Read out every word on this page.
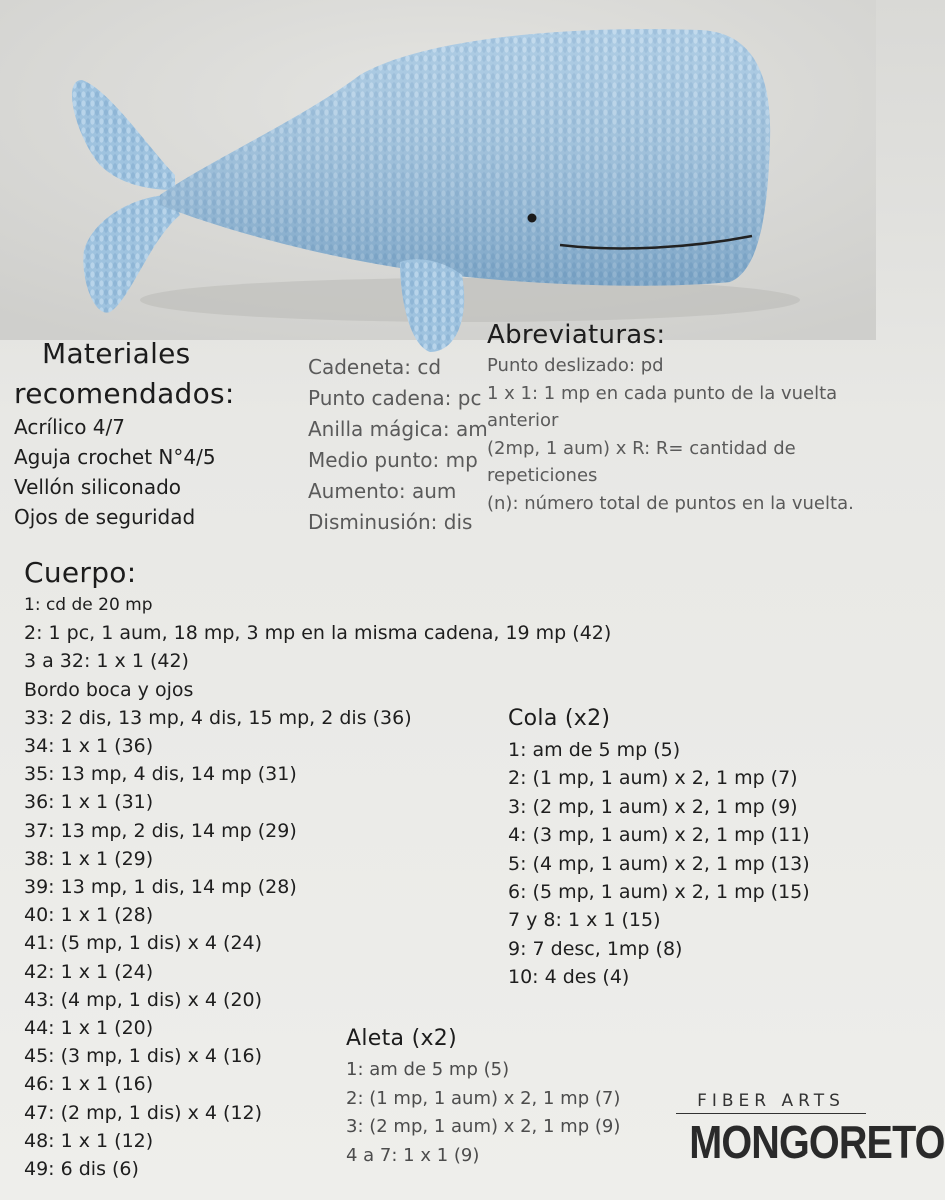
Materiales
recomendados:
Acrílico 4/7
Aguja crochet N°4/5
Vellón siliconado
Ojos de seguridad
Cadeneta: cd
Punto cadena: pc
Anilla mágica: am
Medio punto: mp
Aumento: aum
Disminusión: dis
Abreviaturas:
Punto deslizado: pd
1 x 1: 1 mp en cada punto de la vuelta anterior
(2mp, 1 aum) x R: R= cantidad de repeticiones
(n): número total de puntos en la vuelta.
Cuerpo:
1: cd de 20 mp
2: 1 pc, 1 aum, 18 mp, 3 mp en la misma cadena, 19 mp (42)
3 a 32: 1 x 1 (42)
Bordo boca y ojos
33: 2 dis, 13 mp, 4 dis, 15 mp, 2 dis (36)
34: 1 x 1 (36)
35: 13 mp, 4 dis, 14 mp (31)
36: 1 x 1 (31)
37: 13 mp, 2 dis, 14 mp (29)
38: 1 x 1 (29)
39: 13 mp, 1 dis, 14 mp (28)
40: 1 x 1 (28)
41: (5 mp, 1 dis) x 4 (24)
42: 1 x 1 (24)
43: (4 mp, 1 dis) x 4 (20)
44: 1 x 1 (20)
45: (3 mp, 1 dis) x 4 (16)
46: 1 x 1 (16)
47: (2 mp, 1 dis) x 4 (12)
48: 1 x 1 (12)
49: 6 dis (6)
Cola (x2)
1: am de 5 mp (5)
2: (1 mp, 1 aum) x 2, 1 mp (7)
3: (2 mp, 1 aum) x 2, 1 mp (9)
4: (3 mp, 1 aum) x 2, 1 mp (11)
5: (4 mp, 1 aum) x 2, 1 mp (13)
6: (5 mp, 1 aum) x 2, 1 mp (15)
7 y 8: 1 x 1 (15)
9: 7 desc, 1mp (8)
10: 4 des (4)
Aleta (x2)
1: am de 5 mp (5)
2: (1 mp, 1 aum) x 2, 1 mp (7)
3: (2 mp, 1 aum) x 2, 1 mp (9)
4 a 7: 1 x 1 (9)
FIBER ARTS
MONGORETO
